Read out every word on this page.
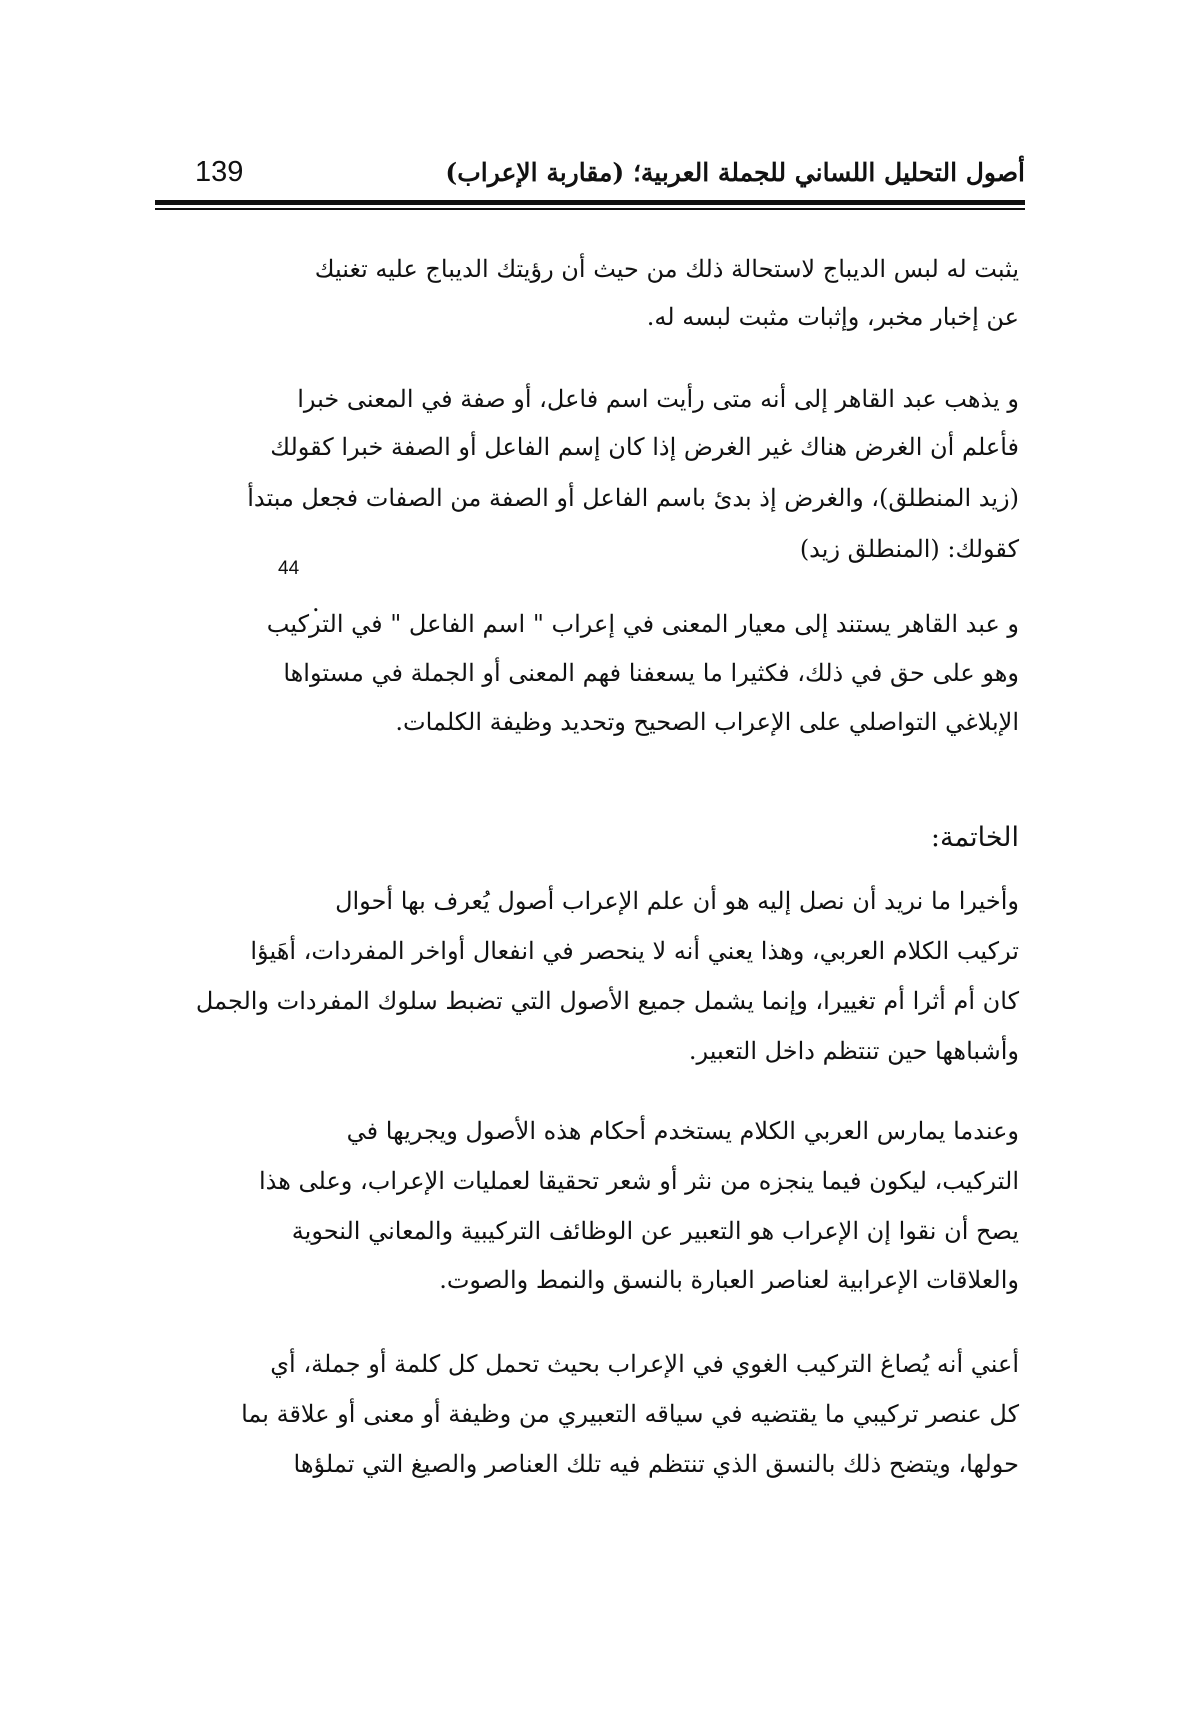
139	أصول التحليل اللساني للجملة العربية؛ (مقاربة الإعراب)
يثبت له لبس الديباج لاستحالة ذلك من حيث أن رؤيتك الديباج عليه تغنيك
عن إخبار مخبر، وإثبات مثبت لبسه له.
و يذهب عبد القاهر إلى أنه متى رأيت اسم فاعل، أو صفة في المعنى خبرا
فأعلم أن الغرض هناك غير الغرض إذا كان إسم الفاعل أو الصفة خبرا كقولك
(زيد المنطلق)، والغرض إذ بدئ باسم الفاعل أو الصفة من الصفات فجعل مبتدأ
كقولك: (المنطلق زيد)
44
.
و عبد القاهر يستند إلى معيار المعنى في إعراب " اسم الفاعل " في التركيب
وهو على حق في ذلك، فكثيرا ما يسعفنا فهم المعنى أو الجملة في مستواها
الإبلاغي التواصلي على الإعراب الصحيح وتحديد وظيفة الكلمات.
الخاتمة:
وأخيرا ما نريد أن نصل إليه هو أن علم الإعراب أصول يُعرف بها أحوال
تركيب الكلام العربي، وهذا يعني أنه لا ينحصر في انفعال أواخر المفردات، أهَيؤا
كان أم أثرا أم تغييرا، وإنما يشمل جميع الأصول التي تضبط سلوك المفردات والجمل
وأشباهها حين تنتظم داخل التعبير.
وعندما يمارس العربي الكلام يستخدم أحكام هذه الأصول ويجريها في
التركيب، ليكون فيما ينجزه من نثر أو شعر تحقيقا لعمليات الإعراب، وعلى هذا
يصح أن نقوا إن الإعراب هو التعبير عن الوظائف التركيبية والمعاني النحوية
والعلاقات الإعرابية لعناصر العبارة بالنسق والنمط والصوت.
أعني أنه يُصاغ التركيب الغوي في الإعراب بحيث تحمل كل كلمة أو جملة، أي
كل عنصر تركيبي ما يقتضيه في سياقه التعبيري من وظيفة أو معنى أو علاقة بما
حولها، ويتضح ذلك بالنسق الذي تنتظم فيه تلك العناصر والصيغ التي تملؤها
